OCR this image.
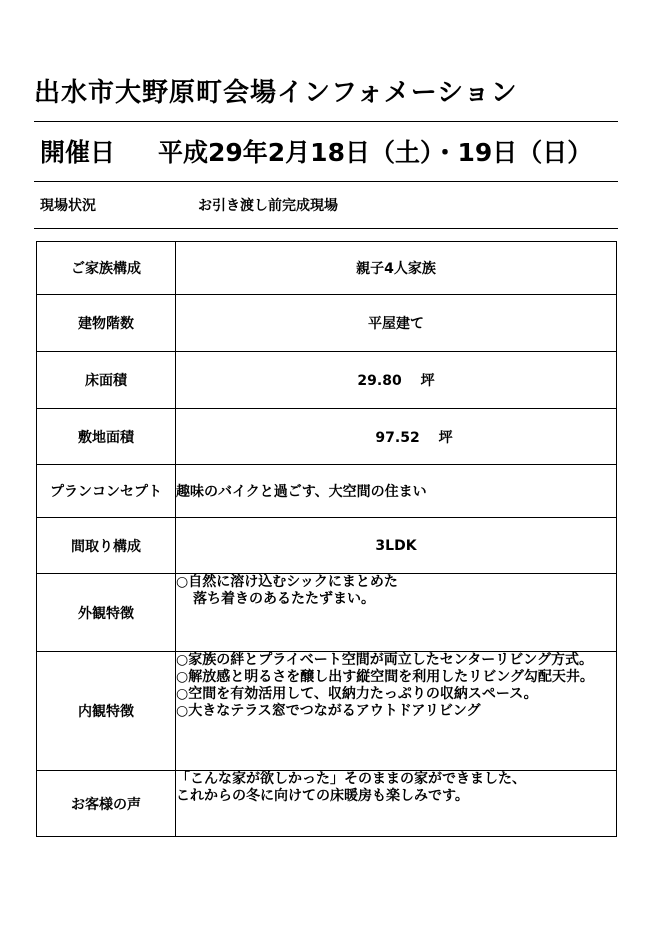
出水市大野原町会場インフォメーション
開催日 平成29年2月18日（土）・19日（日）
現場状況	お引き渡し前完成現場
ご家族構成	親子4人家族
建物階数	平屋建て
床面積	29.80　 坪
敷地面積	97.52　 坪
プランコンセプト	趣味のバイクと過ごす、大空間の住まい
間取り構成	3LDK
外観特徴	○自然に溶け込むシックにまとめた
落ち着きのあるたたずまい。

内観特徴	○家族の絆とプライベート空間が両立したセンターリビング方式。
○解放感と明るさを醸し出す縦空間を利用したリビング勾配天井。
○空間を有効活用して、収納力たっぷりの収納スペース。
○大きなテラス窓でつながるアウトドアリビング

お客様の声	「こんな家が欲しかった」そのままの家ができました、
これからの冬に向けての床暖房も楽しみです。
